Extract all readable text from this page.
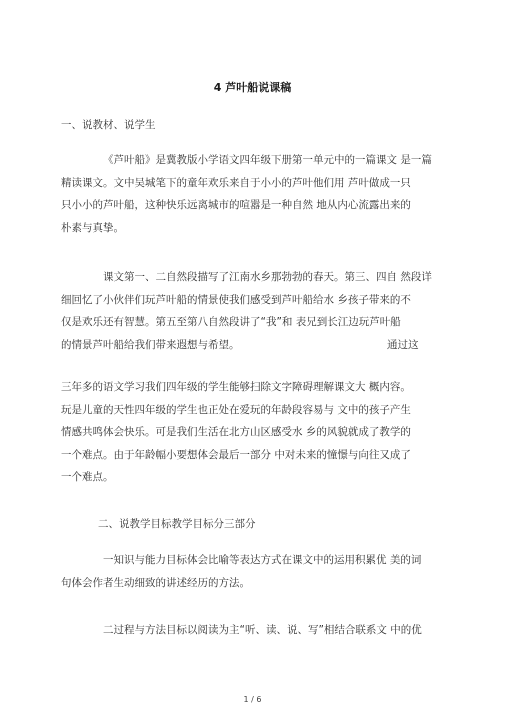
4 芦叶船说课稿
一、说教材、说学生
《芦叶船》是冀教版小学语文四年级下册第一单元中的一篇课文 是一篇
精读课文。文中吴城笔下的童年欢乐来自于小小的芦叶他们用 芦叶做成一只
只小小的芦叶船，这种快乐远离城市的喧嚣是一种自然 地从内心流露出来的
朴素与真挚。
课文第一、二自然段描写了江南水乡那勃勃的春天。第三、四自 然段详
细回忆了小伙伴们玩芦叶船的情景使我们感受到芦叶船给水 乡孩子带来的不
仅是欢乐还有智慧。第五至第八自然段讲了“我”和 表兄到长江边玩芦叶船
的情景芦叶船给我们带来遐想与希望。	通过这
三年多的语文学习我们四年级的学生能够扫除文字障碍理解课文大 概内容。
玩是儿童的天性四年级的学生也正处在爱玩的年龄段容易与 文中的孩子产生
情感共鸣体会快乐。可是我们生活在北方山区感受水 乡的风貌就成了教学的
一个难点。由于年龄幅小要想体会最后一部分 中对未来的憧憬与向往又成了
一个难点。
二、说教学目标教学目标分三部分
一知识与能力目标体会比喻等表达方式在课文中的运用积累优 美的词
句体会作者生动细致的讲述经历的方法。
二过程与方法目标以阅读为主“听、读、说、写”相结合联系文 中的优
1 / 6
